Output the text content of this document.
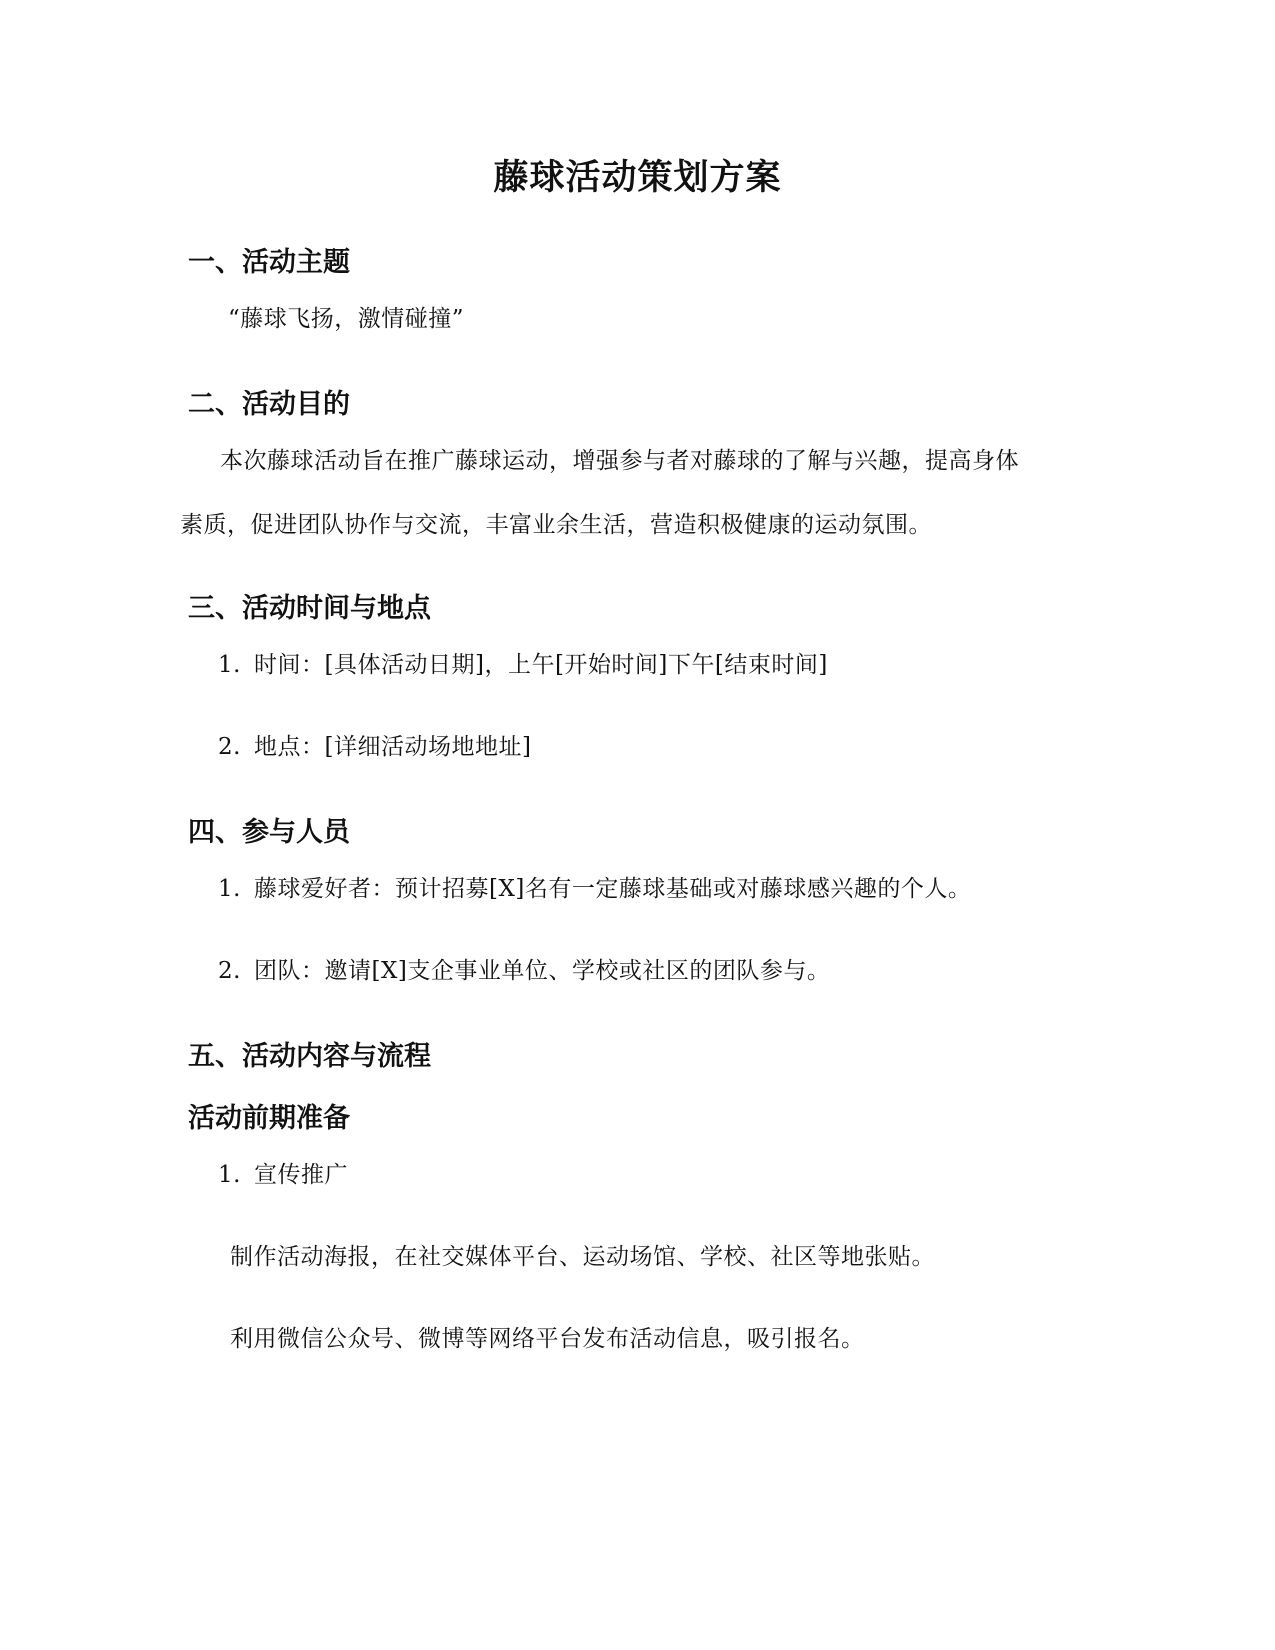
藤球活动策划方案
一、活动主题
“藤球飞扬，激情碰撞”
二、活动目的
本次藤球活动旨在推广藤球运动，增强参与者对藤球的了解与兴趣，提高身体
素质，促进团队协作与交流，丰富业余生活，营造积极健康的运动氛围。
三、活动时间与地点
1. 时间：[具体活动日期]，上午[开始时间]下午[结束时间]
2. 地点：[详细活动场地地址]
四、参与人员
1. 藤球爱好者：预计招募[X]名有一定藤球基础或对藤球感兴趣的个人。
2. 团队：邀请[X]支企事业单位、学校或社区的团队参与。
五、活动内容与流程
活动前期准备
1. 宣传推广
制作活动海报，在社交媒体平台、运动场馆、学校、社区等地张贴。
利用微信公众号、微博等网络平台发布活动信息，吸引报名。
